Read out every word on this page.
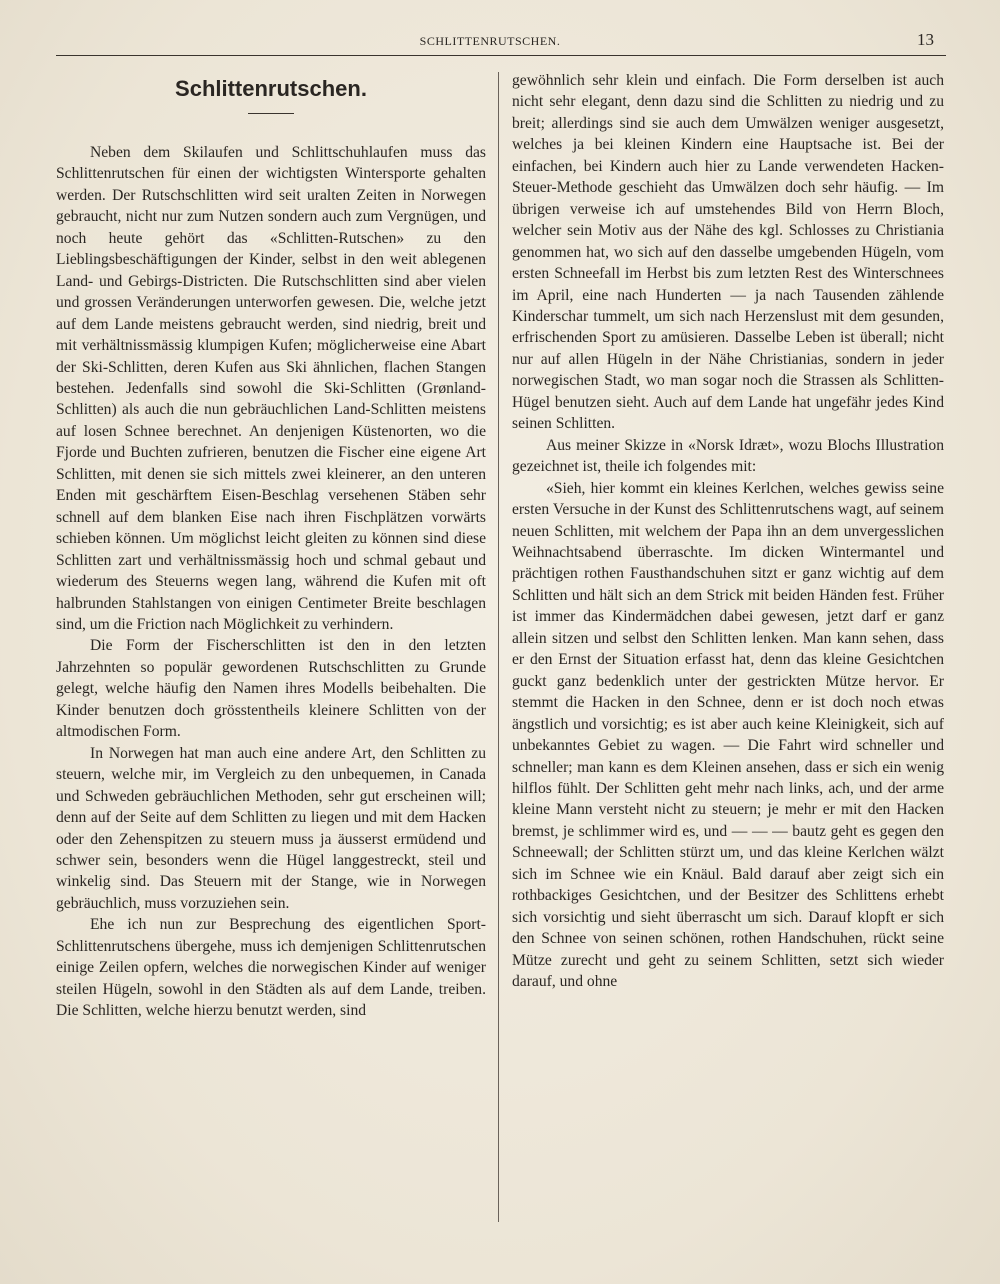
SCHLITTENRUTSCHEN.	13
Schlittenrutschen.

Neben dem Skilaufen und Schlittschuhlaufen muss das Schlittenrutschen für einen der wichtigsten Wintersporte gehalten werden. Der Rutschschlitten wird seit uralten Zeiten in Norwegen gebraucht, nicht nur zum Nutzen sondern auch zum Vergnügen, und noch heute gehört das «Schlitten-Rutschen» zu den Lieblingsbeschäftigungen der Kinder, selbst in den weit ablegenen Land- und Gebirgs-Districten. Die Rutschschlitten sind aber vielen und grossen Veränderungen unterworfen gewesen. Die, welche jetzt auf dem Lande meistens gebraucht werden, sind niedrig, breit und mit verhältnissmässig klumpigen Kufen; möglicherweise eine Abart der Ski-Schlitten, deren Kufen aus Ski ähnlichen, flachen Stangen bestehen. Jedenfalls sind sowohl die Ski-Schlitten (Grønland-Schlitten) als auch die nun gebräuchlichen Land-Schlitten meistens auf losen Schnee berechnet. An denjenigen Küstenorten, wo die Fjorde und Buchten zufrieren, benutzen die Fischer eine eigene Art Schlitten, mit denen sie sich mittels zwei kleinerer, an den unteren Enden mit geschärftem Eisen-Beschlag versehenen Stäben sehr schnell auf dem blanken Eise nach ihren Fischplätzen vorwärts schieben können. Um möglichst leicht gleiten zu können sind diese Schlitten zart und verhältnissmässig hoch und schmal gebaut und wiederum des Steuerns wegen lang, während die Kufen mit oft halbrunden Stahlstangen von einigen Centimeter Breite beschlagen sind, um die Friction nach Möglichkeit zu verhindern.

Die Form der Fischerschlitten ist den in den letzten Jahrzehnten so populär gewordenen Rutschschlitten zu Grunde gelegt, welche häufig den Namen ihres Modells beibehalten. Die Kinder benutzen doch grösstentheils kleinere Schlitten von der altmodischen Form.

In Norwegen hat man auch eine andere Art, den Schlitten zu steuern, welche mir, im Vergleich zu den unbequemen, in Canada und Schweden gebräuchlichen Methoden, sehr gut erscheinen will; denn auf der Seite auf dem Schlitten zu liegen und mit dem Hacken oder den Zehenspitzen zu steuern muss ja äusserst ermüdend und schwer sein, besonders wenn die Hügel langgestreckt, steil und winkelig sind. Das Steuern mit der Stange, wie in Norwegen gebräuchlich, muss vorzuziehen sein.

Ehe ich nun zur Besprechung des eigentlichen Sport-Schlittenrutschens übergehe, muss ich demjenigen Schlittenrutschen einige Zeilen opfern, welches die norwegischen Kinder auf weniger steilen Hügeln, sowohl in den Städten als auf dem Lande, treiben. Die Schlitten, welche hierzu benutzt werden, sind

gewöhnlich sehr klein und einfach. Die Form derselben ist auch nicht sehr elegant, denn dazu sind die Schlitten zu niedrig und zu breit; allerdings sind sie auch dem Umwälzen weniger ausgesetzt, welches ja bei kleinen Kindern eine Hauptsache ist. Bei der einfachen, bei Kindern auch hier zu Lande verwendeten Hacken-Steuer-Methode geschieht das Umwälzen doch sehr häufig. — Im übrigen verweise ich auf umstehendes Bild von Herrn Bloch, welcher sein Motiv aus der Nähe des kgl. Schlosses zu Christiania genommen hat, wo sich auf den dasselbe umgebenden Hügeln, vom ersten Schneefall im Herbst bis zum letzten Rest des Winterschnees im April, eine nach Hunderten — ja nach Tausenden zählende Kinderschar tummelt, um sich nach Herzenslust mit dem gesunden, erfrischenden Sport zu amüsieren. Dasselbe Leben ist überall; nicht nur auf allen Hügeln in der Nähe Christianias, sondern in jeder norwegischen Stadt, wo man sogar noch die Strassen als Schlitten-Hügel benutzen sieht. Auch auf dem Lande hat ungefähr jedes Kind seinen Schlitten.

Aus meiner Skizze in «Norsk Idræt», wozu Blochs Illustration gezeichnet ist, theile ich folgendes mit:

«Sieh, hier kommt ein kleines Kerlchen, welches gewiss seine ersten Versuche in der Kunst des Schlittenrutschens wagt, auf seinem neuen Schlitten, mit welchem der Papa ihn an dem unvergesslichen Weihnachtsabend überraschte. Im dicken Wintermantel und prächtigen rothen Fausthandschuhen sitzt er ganz wichtig auf dem Schlitten und hält sich an dem Strick mit beiden Händen fest. Früher ist immer das Kindermädchen dabei gewesen, jetzt darf er ganz allein sitzen und selbst den Schlitten lenken. Man kann sehen, dass er den Ernst der Situation erfasst hat, denn das kleine Gesichtchen guckt ganz bedenklich unter der gestrickten Mütze hervor. Er stemmt die Hacken in den Schnee, denn er ist doch noch etwas ängstlich und vorsichtig; es ist aber auch keine Kleinigkeit, sich auf unbekanntes Gebiet zu wagen. — Die Fahrt wird schneller und schneller; man kann es dem Kleinen ansehen, dass er sich ein wenig hilflos fühlt. Der Schlitten geht mehr nach links, ach, und der arme kleine Mann versteht nicht zu steuern; je mehr er mit den Hacken bremst, je schlimmer wird es, und — — — bautz geht es gegen den Schneewall; der Schlitten stürzt um, und das kleine Kerlchen wälzt sich im Schnee wie ein Knäul. Bald darauf aber zeigt sich ein rothbackiges Gesichtchen, und der Besitzer des Schlittens erhebt sich vorsichtig und sieht überrascht um sich. Darauf klopft er sich den Schnee von seinen schönen, rothen Handschuhen, rückt seine Mütze zurecht und geht zu seinem Schlitten, setzt sich wieder darauf, und ohne
